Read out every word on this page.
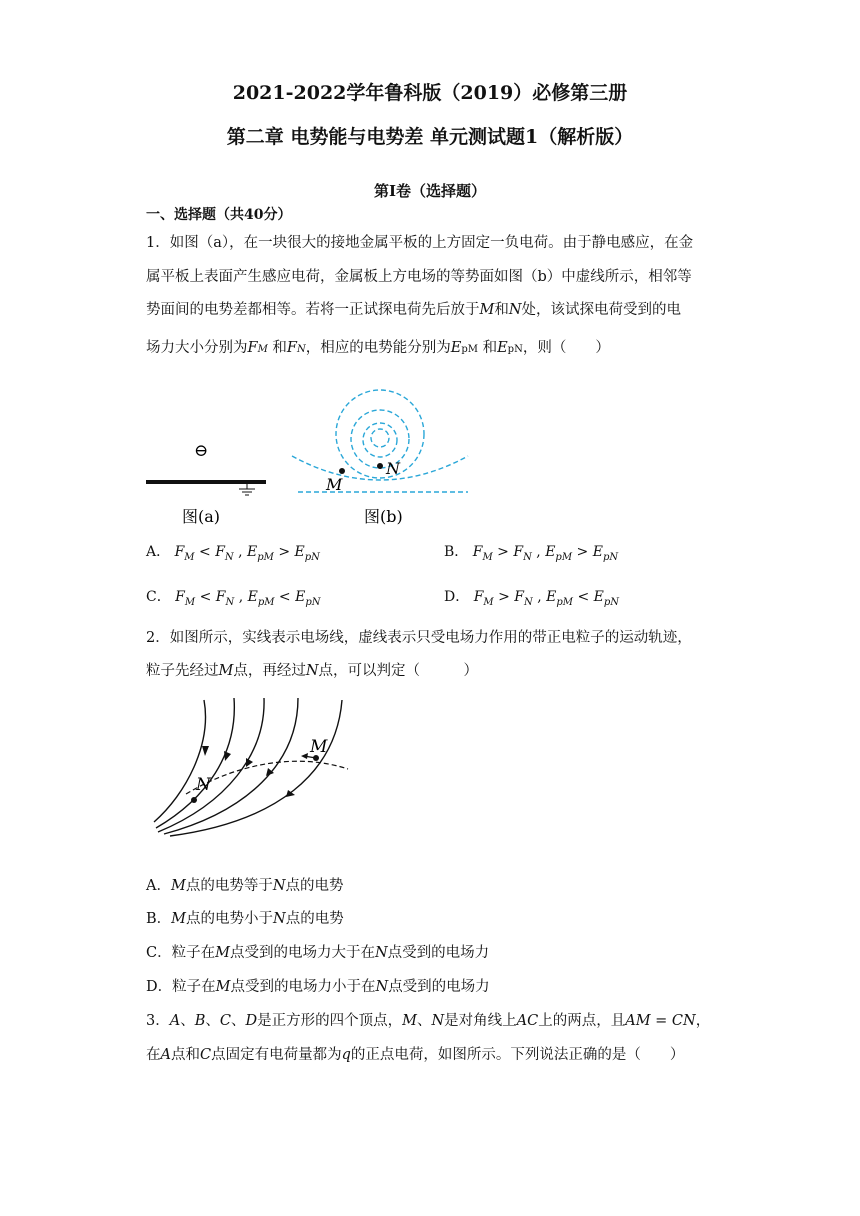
2021-2022学年鲁科版（2019）必修第三册
第二章 电势能与电势差 单元测试题1（解析版）
第Ⅰ卷（选择题）
一、选择题（共40分）
1．如图（a），在一块很大的接地金属平板的上方固定一负电荷。由于静电感应，在金
属平板上表面产生感应电荷，金属板上方电场的等势面如图（b）中虚线所示，相邻等
势面间的电势差都相等。若将一正试探电荷先后放于M和N处，该试探电荷受到的电
场力大小分别为FM 和FN，相应的电势能分别为EpM 和EpN，则（　　）
⊖
图(a)
M
N
图(b)
A． $F_M < F_N$ , $E_{pM} > E_{pN}$	B． $F_M > F_N$ , $E_{pM} > E_{pN}$
C． $F_M < F_N$ , $E_{pM} < E_{pN}$	D． $F_M > F_N$ , $E_{pM} < E_{pN}$
2．如图所示，实线表示电场线，虚线表示只受电场力作用的带正电粒子的运动轨迹，
粒子先经过M点，再经过N点，可以判定（　　　）
M
N
A．M点的电势等于N点的电势
B．M点的电势小于N点的电势
C．粒子在M点受到的电场力大于在N点受到的电场力
D．粒子在M点受到的电场力小于在N点受到的电场力
3．A、B、C、D是正方形的四个顶点，M、N是对角线上AC上的两点，且AM = CN，
在A点和C点固定有电荷量都为q的正点电荷，如图所示。下列说法正确的是（　　）
